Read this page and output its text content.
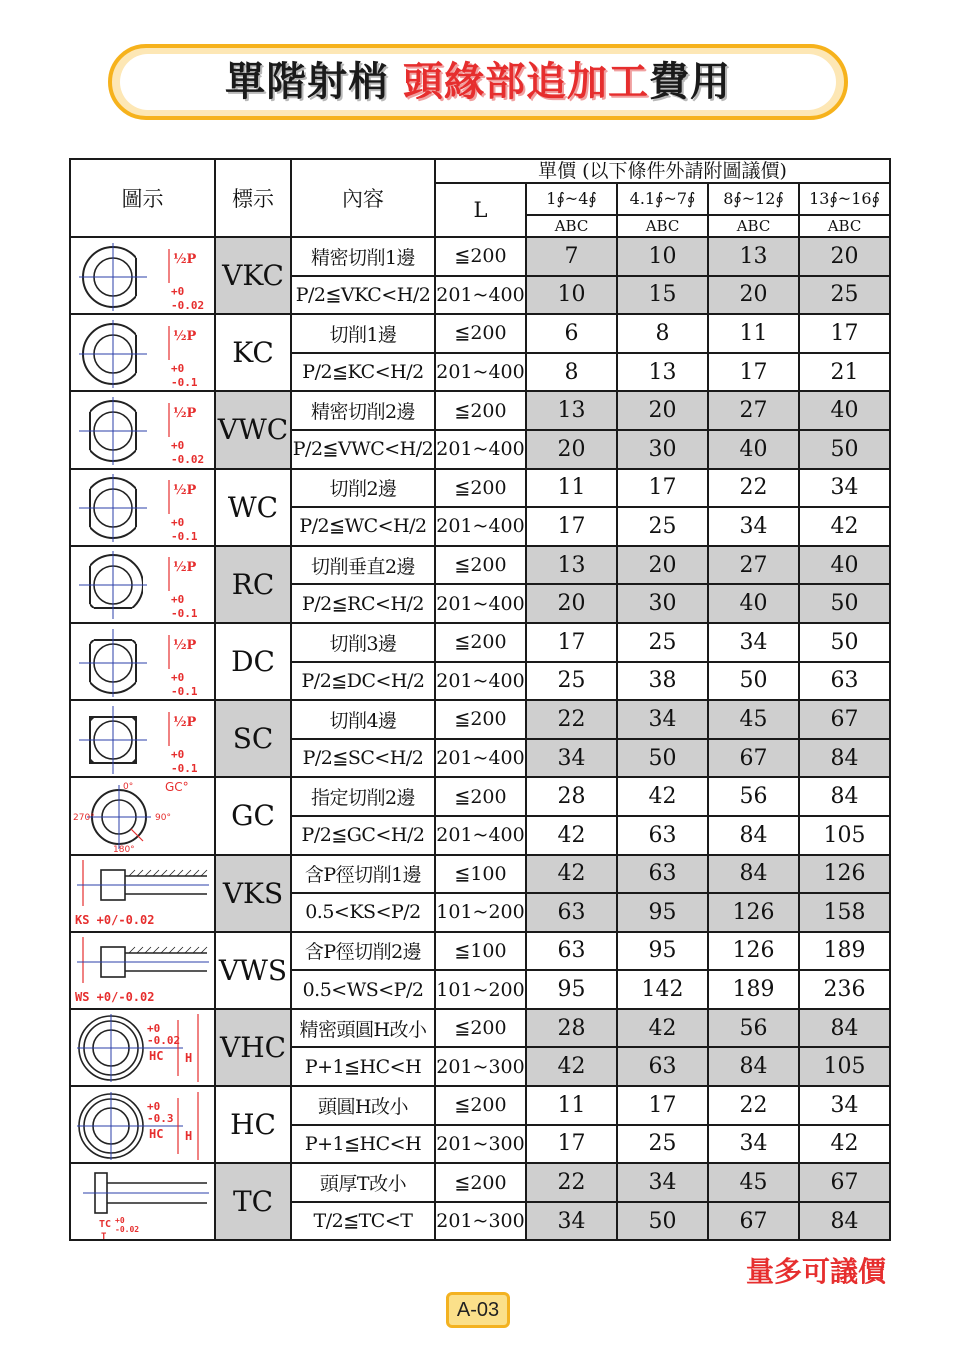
單階射梢 頭緣部追加工費用
圖示	標示	內容	單價 (以下條件外請附圖議價)				
			L	1∮~4∮	4.1∮~7∮	8∮~12∮	13∮~16∮
				ABC	ABC	ABC	ABC

½P
+0
-0.02	VKC	精密切削1邊	≦200	7	10	13	20
		P/2≦VKC<H/2	201~400	10	15	20	25

½P
+0
-0.1	KC	切削1邊	≦200	6	8	11	17
		P/2≦KC<H/2	201~400	8	13	17	21

½P
+0
-0.02	VWC	精密切削2邊	≦200	13	20	27	40
		P/2≦VWC<H/2	201~400	20	30	40	50

½P
+0
-0.1	WC	切削2邊	≦200	11	17	22	34
		P/2≦WC<H/2	201~400	17	25	34	42

½P
+0
-0.1	RC	切削垂直2邊	≦200	13	20	27	40
		P/2≦RC<H/2	201~400	20	30	40	50

½P
+0
-0.1	DC	切削3邊	≦200	17	25	34	50
		P/2≦DC<H/2	201~400	25	38	50	63

½P
+0
-0.1	SC	切削4邊	≦200	22	34	45	67
		P/2≦SC<H/2	201~400	34	50	67	84

0°
90°
180°
270°
GC°	GC	指定切削2邊	≦200	28	42	56	84
		P/2≦GC<H/2	201~400	42	63	84	105

KS +0/-0.02	VKS	含P徑切削1邊	≦100	42	63	84	126
		0.5<KS<P/2	101~200	63	95	126	158

WS +0/-0.02	VWS	含P徑切削2邊	≦100	63	95	126	189
		0.5<WS<P/2	101~200	95	142	189	236

+0
-0.02
HC H	VHC	精密頭圓H改小	≦200	28	42	56	84
		P+1≦HC<H	201~300	42	63	84	105

+0
-0.3
HC H	HC	頭圓H改小	≦200	11	17	22	34
		P+1≦HC<H	201~300	17	25	34	42

TC +0
-0.02
T	TC	頭厚T改小	≦200	22	34	45	67
		T/2≦TC<T	201~300	34	50	67	84
量多可議價
A-03
